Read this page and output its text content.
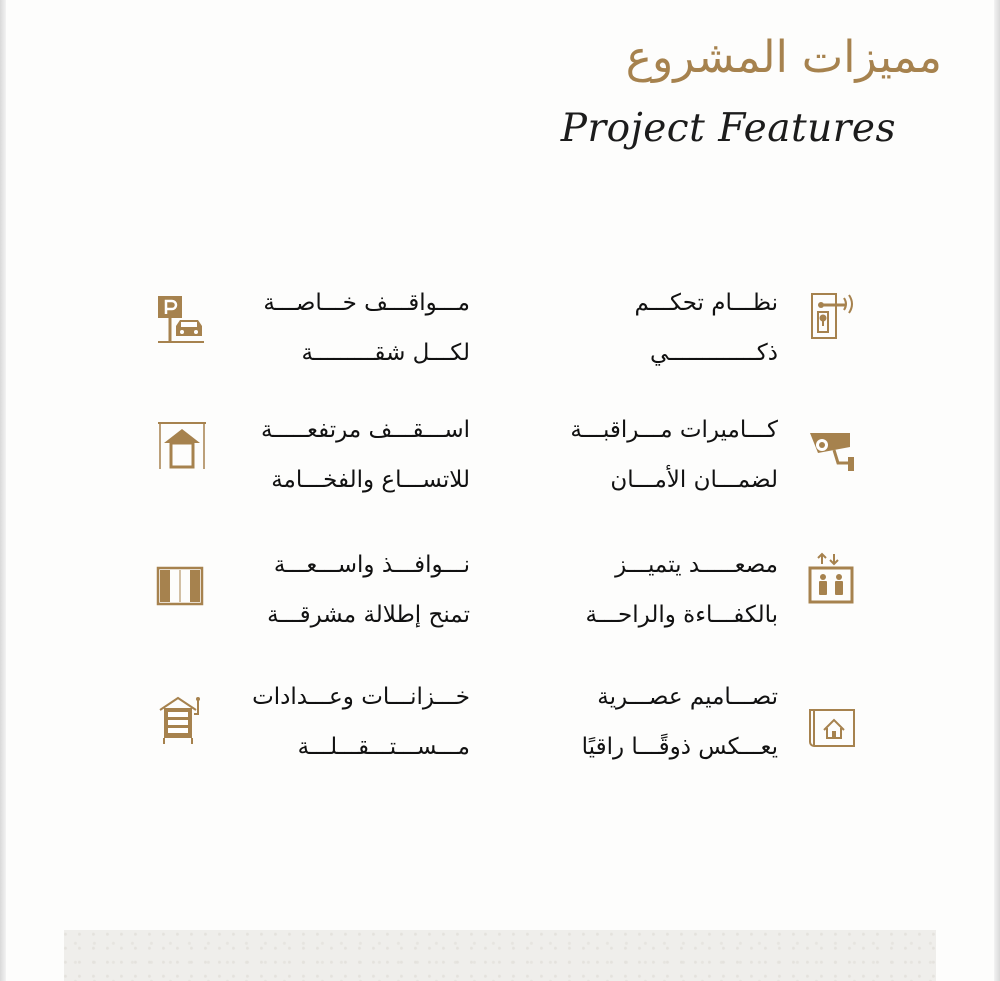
مميزات المشروع
Project Features
نظـــام تحكـــم
ذكـــــــــــــي
مـــواقـــف خـــاصـــة
لكـــل شقـــــــــة
كـــاميرات مـــراقبـــة
لضمـــان الأمـــان
اســـقـــف مرتفعـــــة
للاتســـاع والفخـــامة
مصعـــــد يتميـــز
بالكفـــاءة والراحـــة
نـــوافـــذ واســـعـــة
تمنح إطلالة مشرقـــة
تصـــاميم عصـــرية
يعـــكس ذوقًـــا راقيًا
خـــزانـــات وعـــدادات
مـــســـتـــقـــلـــة
